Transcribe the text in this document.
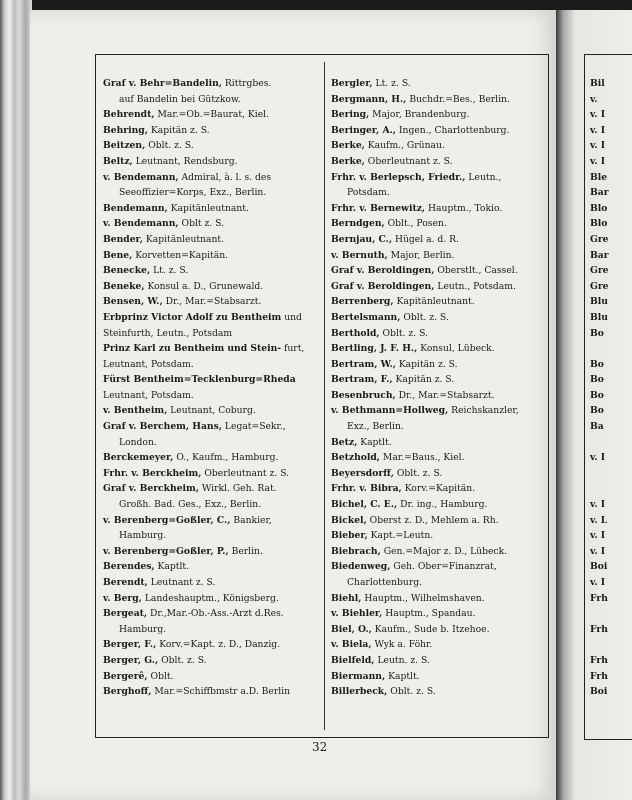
Graf v. Behr=Bandelin, Rittrgbes.
auf Bandelin bei Gützkow.
Behrendt, Mar.=Ob.=Baurat, Kiel.
Behring, Kapitän z. S.
Beitzen, Oblt. z. S.
Beltz, Leutnant, Rendsburg.
v. Bendemann, Admiral, à. l. s. des
Seeoffizier=Korps, Exz., Berlin.
Bendemann, Kapitänleutnant.
v. Bendemann, Oblt z. S.
Bender, Kapitänleutnant.
Bene, Korvetten=Kapitän.
Benecke, Lt. z. S.
Beneke, Konsul a. D., Grunewald.
Bensen, W., Dr., Mar.=Stabsarzt.
Erbprinz Victor Adolf zu Bentheim und Steinfurth, Leutn., Potsdam
Prinz Karl zu Bentheim und Stein- furt, Leutnant, Potsdam.
Fürst Bentheim=Tecklenburg=Rheda Leutnant, Potsdam.
v. Bentheim, Leutnant, Coburg.
Graf v. Berchem, Hans, Legat=Sekr.,
London.
Berckemeyer, O., Kaufm., Hamburg.
Frhr. v. Berckheim, Oberleutnant z. S.
Graf v. Berckheim, Wirkl. Geh. Rat.
Großh. Bad. Ges., Exz., Berlin.
v. Berenberg=Goßler, C., Bankier,
Hamburg.
v. Berenberg=Goßler, P., Berlin.
Berendes, Kaptlt.
Berendt, Leutnant z. S.
v. Berg, Landeshauptm., Königsberg.
Bergeat, Dr.,Mar.-Ob.-Ass.-Arzt d.Res.
Hamburg.
Berger, F., Korv.=Kapt. z. D., Danzig.
Berger, G., Oblt. z. S.
Bergerê, Oblt.
Berghoff, Mar.=Schiffbmstr a.D. Berlin
Bergler, Lt. z. S.
Bergmann, H., Buchdr.=Bes., Berlin.
Bering, Major, Brandenburg.
Beringer, A., Ingen., Charlottenburg.
Berke, Kaufm., Grünau.
Berke, Oberleutnant z. S.
Frhr. v. Berlepsch, Friedr., Leutn.,
Potsdam.
Frhr. v. Bernewitz, Hauptm., Tokio.
Berndgen, Oblt., Posen.
Bernjau, C., Hügel a. d. R.
v. Bernuth, Major, Berlin.
Graf v. Beroldingen, Oberstlt., Cassel.
Graf v. Beroldingen, Leutn., Potsdam.
Berrenberg, Kapitänleutnant.
Bertelsmann, Oblt. z. S.
Berthold, Oblt. z. S.
Bertling, J. F. H., Konsul, Lübeck.
Bertram, W., Kapitän z. S.
Bertram, F., Kapitän z. S.
Besenbruch, Dr., Mar.=Stabsarzt.
v. Bethmann=Hollweg, Reichskanzler,
Exz., Berlin.
Betz, Kaptlt.
Betzhold, Mar.=Baus., Kiel.
Beyersdorff, Oblt. z. S.
Frhr. v. Bibra, Korv.=Kapitän.
Bichel, C. E., Dr. ing., Hamburg.
Bickel, Oberst z. D., Mehlem a. Rh.
Bieber, Kapt.=Leutn.
Biebrach, Gen.=Major z. D., Lübeck.
Biedenweg, Geh. Ober=Finanzrat,
Charlottenburg.
Biehl, Hauptm., Wilhelmshaven.
v. Biehler, Hauptm., Spandau.
Biel, O., Kaufm., Sude b. Itzehoe.
v. Biela, Wyk a. Föhr.
Bielfeld, Leutn. z. S.
Biermann, Kaptlt.
Billerbeck, Oblt. z. S.
32
Bil
v.
v. I
v. I
v. I
v. I
Ble
Bar
Blo
Blo
Gre
Bar
Gre
Gre
Blu
Blu
Bo
Bo
Bo
Bo
Bo
Ba
v. I
v. I
v. L
v. I
v. I
Boi
v. I
Frh
Frh
Frh
Frh
Boi
